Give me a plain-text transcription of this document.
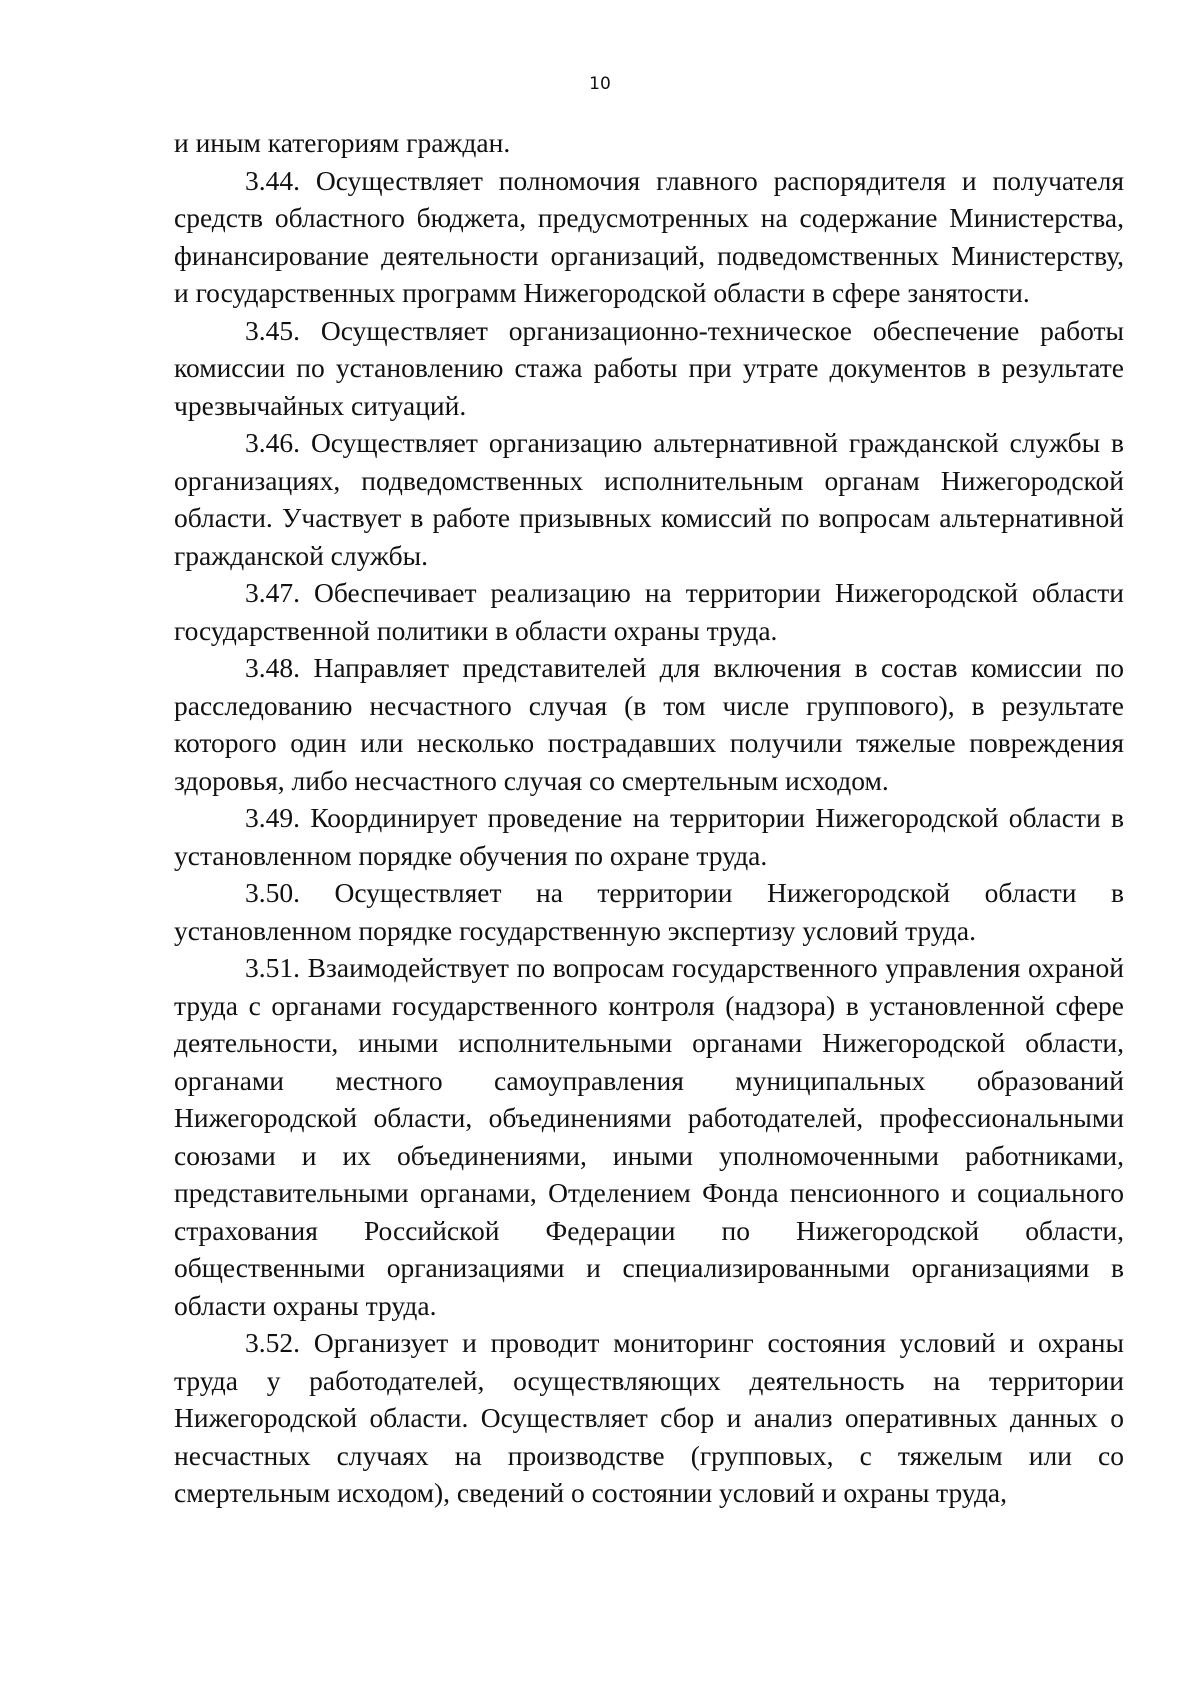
10

и иным категориям граждан.

3.44. Осуществляет полномочия главного распорядителя и получателя средств областного бюджета, предусмотренных на содержание Министерства, финансирование деятельности организаций, подведомственных Министерству, и государственных программ Нижегородской области в сфере занятости.

3.45. Осуществляет организационно-техническое обеспечение работы комиссии по установлению стажа работы при утрате документов в результате чрезвычайных ситуаций.

3.46. Осуществляет организацию альтернативной гражданской службы в организациях, подведомственных исполнительным органам Нижегородской области. Участвует в работе призывных комиссий по вопросам альтернативной гражданской службы.

3.47. Обеспечивает реализацию на территории Нижегородской области государственной политики в области охраны труда.

3.48. Направляет представителей для включения в состав комиссии по расследованию несчастного случая (в том числе группового), в результате которого один или несколько пострадавших получили тяжелые повреждения здоровья, либо несчастного случая со смертельным исходом.

3.49. Координирует проведение на территории Нижегородской области в установленном порядке обучения по охране труда.

3.50. Осуществляет на территории Нижегородской области в установленном порядке государственную экспертизу условий труда.

3.51. Взаимодействует по вопросам государственного управления охраной труда с органами государственного контроля (надзора) в установленной сфере деятельности, иными исполнительными органами Нижегородской области, органами местного самоуправления муниципальных образований Нижегородской области, объединениями работодателей, профессиональными союзами и их объединениями, иными уполномоченными работниками, представительными органами, Отделением Фонда пенсионного и социального страхования Российской Федерации по Нижегородской области, общественными организациями и специализированными организациями в области охраны труда.

3.52. Организует и проводит мониторинг состояния условий и охраны труда у работодателей, осуществляющих деятельность на территории Нижегородской области. Осуществляет сбор и анализ оперативных данных о несчастных случаях на производстве (групповых, с тяжелым или со смертельным исходом), сведений о состоянии условий и охраны труда,
